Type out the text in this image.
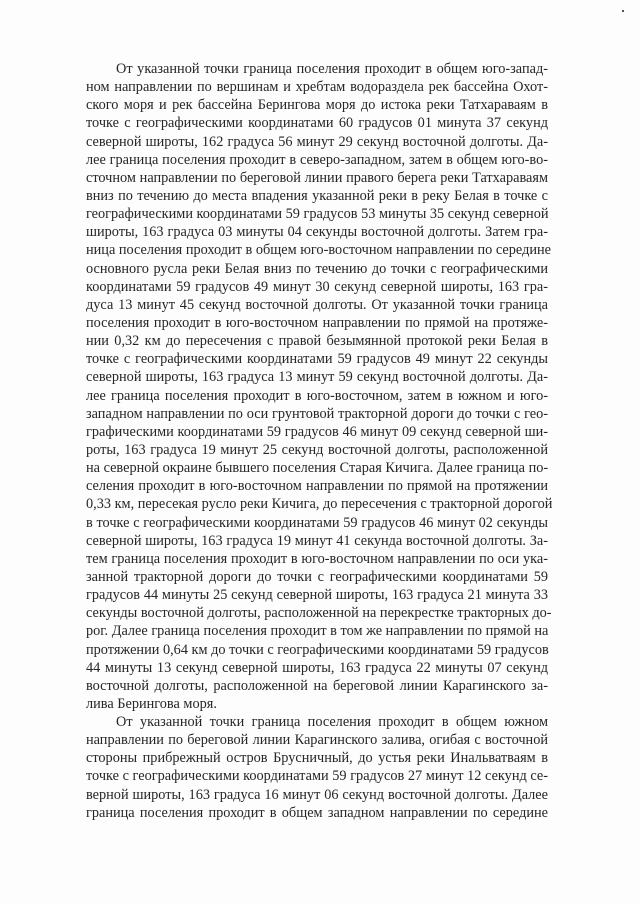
От указанной точки граница поселения проходит в общем юго-запад-
ном направлении по вершинам и хребтам водораздела рек бассейна Охот-
ского моря и рек бассейна Берингова моря до истока реки Татхараваям в
точке с географическими координатами 60 градусов 01 минута 37 секунд
северной широты, 162 градуса 56 минут 29 секунд восточной долготы. Да-
лее граница поселения проходит в северо-западном, затем в общем юго-во-
сточном направлении по береговой линии правого берега реки Татхараваям
вниз по течению до места впадения указанной реки в реку Белая в точке с
географическими координатами 59 градусов 53 минуты 35 секунд северной
широты, 163 градуса 03 минуты 04 секунды восточной долготы. Затем гра-
ница поселения проходит в общем юго-восточном направлении по середине
основного русла реки Белая вниз по течению до точки с географическими
координатами 59 градусов 49 минут 30 секунд северной широты, 163 гра-
дуса 13 минут 45 секунд восточной долготы. От указанной точки граница
поселения проходит в юго-восточном направлении по прямой на протяже-
нии 0,32 км до пересечения с правой безымянной протокой реки Белая в
точке с географическими координатами 59 градусов 49 минут 22 секунды
северной широты, 163 градуса 13 минут 59 секунд восточной долготы. Да-
лее граница поселения проходит в юго-восточном, затем в южном и юго-
западном направлении по оси грунтовой тракторной дороги до точки с гео-
графическими координатами 59 градусов 46 минут 09 секунд северной ши-
роты, 163 градуса 19 минут 25 секунд восточной долготы, расположенной
на северной окраине бывшего поселения Старая Кичига. Далее граница по-
селения проходит в юго-восточном направлении по прямой на протяжении
0,33 км, пересекая русло реки Кичига, до пересечения с тракторной дорогой
в точке с географическими координатами 59 градусов 46 минут 02 секунды
северной широты, 163 градуса 19 минут 41 секунда восточной долготы. За-
тем граница поселения проходит в юго-восточном направлении по оси ука-
занной тракторной дороги до точки с географическими координатами 59
градусов 44 минуты 25 секунд северной широты, 163 градуса 21 минута 33
секунды восточной долготы, расположенной на перекрестке тракторных до-
рог. Далее граница поселения проходит в том же направлении по прямой на
протяжении 0,64 км до точки с географическими координатами 59 градусов
44 минуты 13 секунд северной широты, 163 градуса 22 минуты 07 секунд
восточной долготы, расположенной на береговой линии Карагинского за-
лива Берингова моря.
От указанной точки граница поселения проходит в общем южном
направлении по береговой линии Карагинского залива, огибая с восточной
стороны прибрежный остров Брусничный, до устья реки Инальватваям в
точке с географическими координатами 59 градусов 27 минут 12 секунд се-
верной широты, 163 градуса 16 минут 06 секунд восточной долготы. Далее
граница поселения проходит в общем западном направлении по середине
